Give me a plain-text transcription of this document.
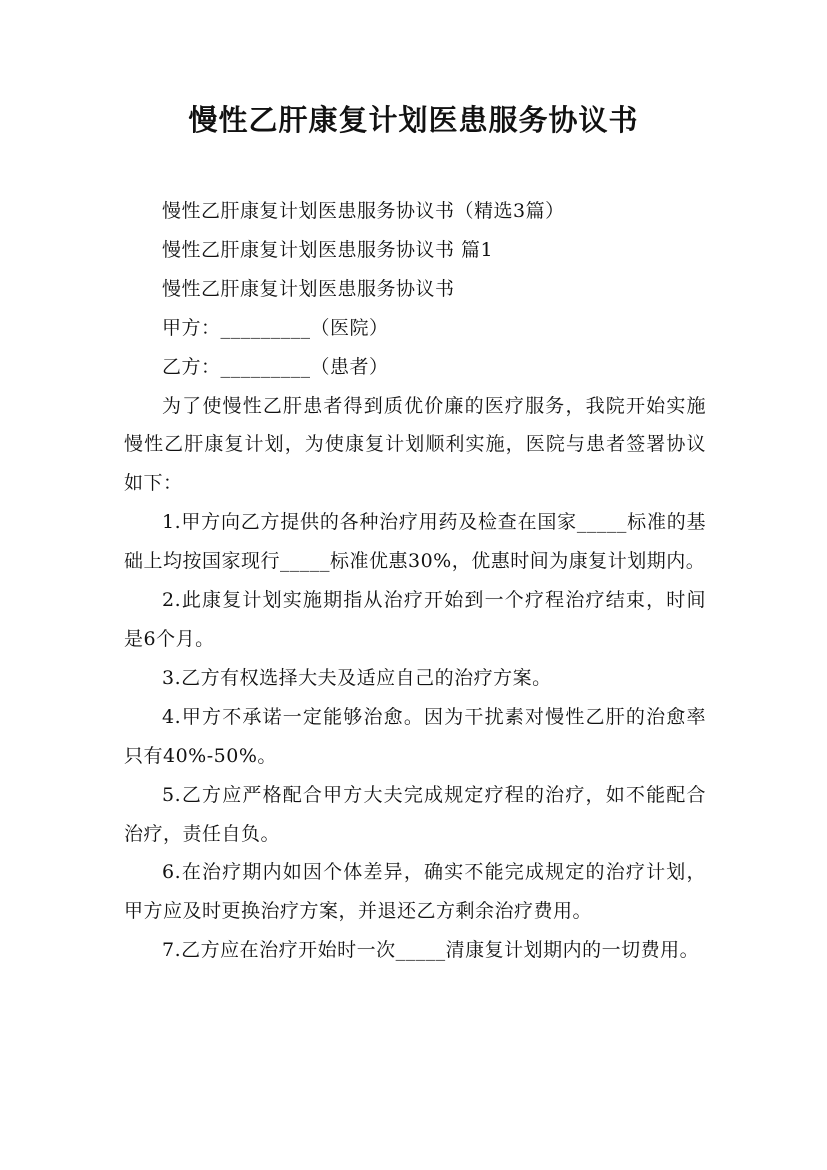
慢性乙肝康复计划医患服务协议书

慢性乙肝康复计划医患服务协议书（精选3篇）

慢性乙肝康复计划医患服务协议书 篇1

慢性乙肝康复计划医患服务协议书

甲方：_________（医院）

乙方：_________（患者）

为了使慢性乙肝患者得到质优价廉的医疗服务，我院开始实施慢性乙肝康复计划，为使康复计划顺利实施，医院与患者签署协议如下：

1.甲方向乙方提供的各种治疗用药及检查在国家_____标准的基础上均按国家现行_____标准优惠30%，优惠时间为康复计划期内。

2.此康复计划实施期指从治疗开始到一个疗程治疗结束，时间是6个月。

3.乙方有权选择大夫及适应自己的治疗方案。

4.甲方不承诺一定能够治愈。因为干扰素对慢性乙肝的治愈率只有40%-50%。

5.乙方应严格配合甲方大夫完成规定疗程的治疗，如不能配合治疗，责任自负。

6.在治疗期内如因个体差异，确实不能完成规定的治疗计划，甲方应及时更换治疗方案，并退还乙方剩余治疗费用。

7.乙方应在治疗开始时一次_____清康复计划期内的一切费用。
